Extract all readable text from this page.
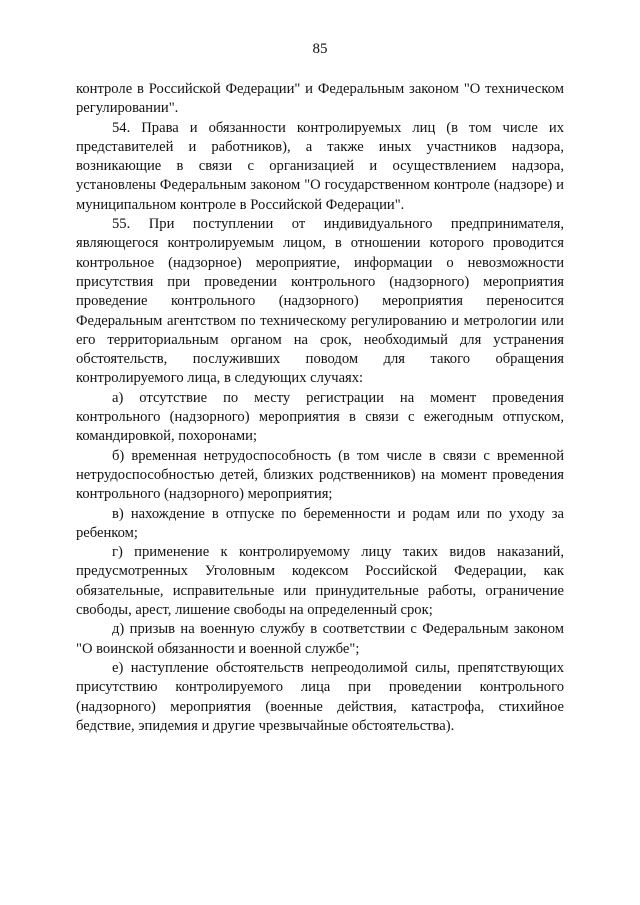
85

контроле в Российской Федерации" и Федеральным законом "О техническом регулировании".

54. Права и обязанности контролируемых лиц (в том числе их представителей и работников), а также иных участников надзора, возникающие в связи с организацией и осуществлением надзора, установлены Федеральным законом "О государственном контроле (надзоре) и муниципальном контроле в Российской Федерации".

55. При поступлении от индивидуального предпринимателя, являющегося контролируемым лицом, в отношении которого проводится контрольное (надзорное) мероприятие, информации о невозможности присутствия при проведении контрольного (надзорного) мероприятия проведение контрольного (надзорного) мероприятия переносится Федеральным агентством по техническому регулированию и метрологии или его территориальным органом на срок, необходимый для устранения обстоятельств, послуживших поводом для такого обращения контролируемого лица, в следующих случаях:

а) отсутствие по месту регистрации на момент проведения контрольного (надзорного) мероприятия в связи с ежегодным отпуском, командировкой, похоронами;

б) временная нетрудоспособность (в том числе в связи с временной нетрудоспособностью детей, близких родственников) на момент проведения контрольного (надзорного) мероприятия;

в) нахождение в отпуске по беременности и родам или по уходу за ребенком;

г) применение к контролируемому лицу таких видов наказаний, предусмотренных Уголовным кодексом Российской Федерации, как обязательные, исправительные или принудительные работы, ограничение свободы, арест, лишение свободы на определенный срок;

д) призыв на военную службу в соответствии с Федеральным законом "О воинской обязанности и военной службе";

е) наступление обстоятельств непреодолимой силы, препятствующих присутствию контролируемого лица при проведении контрольного (надзорного) мероприятия (военные действия, катастрофа, стихийное бедствие, эпидемия и другие чрезвычайные обстоятельства).
